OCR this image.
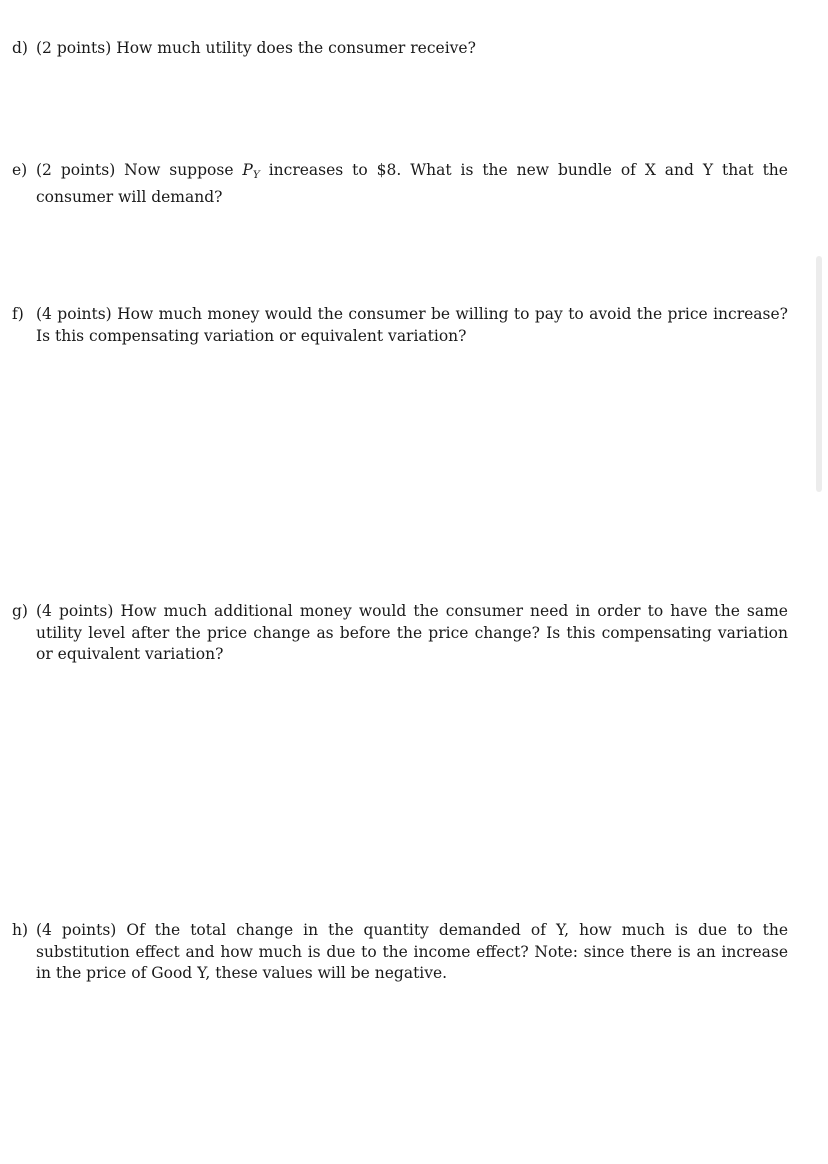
d) (2 points) How much utility does the consumer receive?
e) (2 points) Now suppose PY increases to $8. What is the new bundle of X and Y that the consumer will demand?
f) (4 points) How much money would the consumer be willing to pay to avoid the price increase? Is this compensating variation or equivalent variation?
g) (4 points) How much additional money would the consumer need in order to have the same utility level after the price change as before the price change? Is this compensating variation or equivalent variation?
h) (4 points) Of the total change in the quantity demanded of Y, how much is due to the substitution effect and how much is due to the income effect? Note: since there is an increase in the price of Good Y, these values will be negative.
